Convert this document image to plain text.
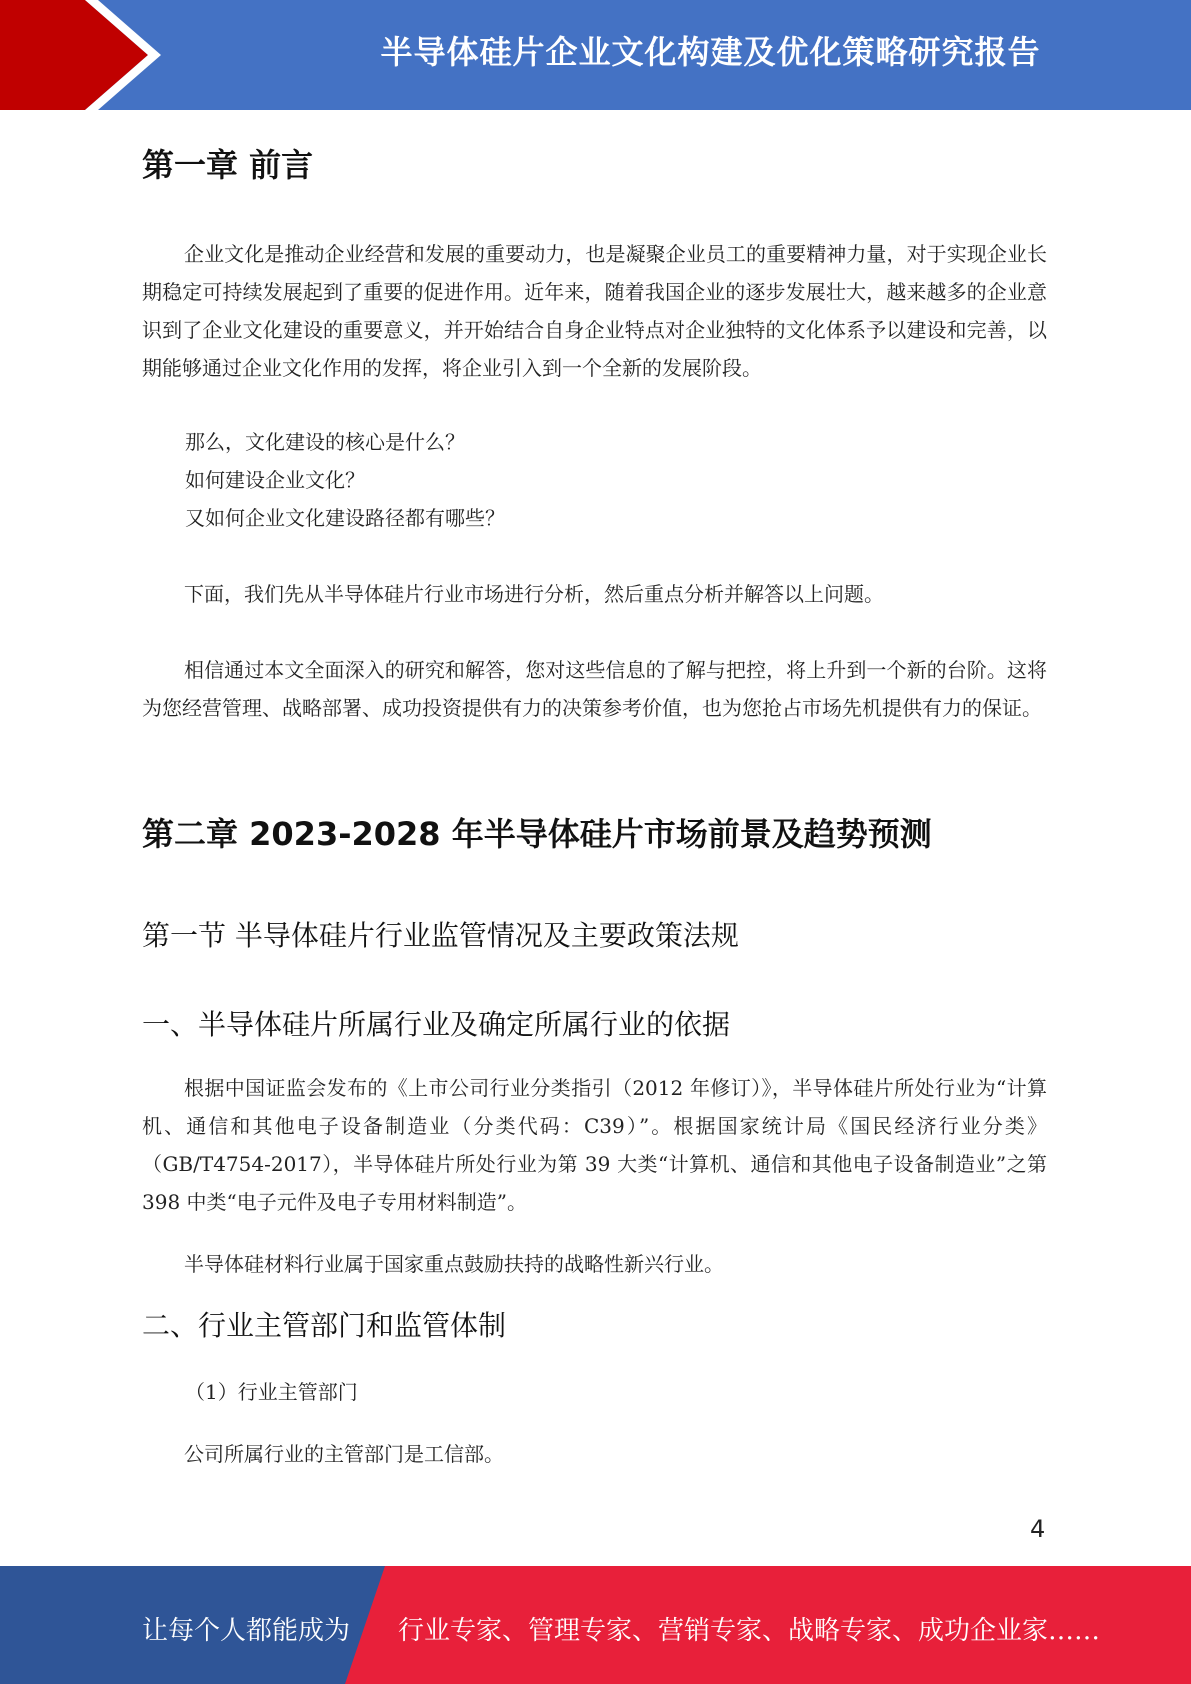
半导体硅片企业文化构建及优化策略研究报告
第一章 前言

企业文化是推动企业经营和发展的重要动力，也是凝聚企业员工的重要精神力量，对于实现企业长期稳定可持续发展起到了重要的促进作用。近年来，随着我国企业的逐步发展壮大，越来越多的企业意识到了企业文化建设的重要意义，并开始结合自身企业特点对企业独特的文化体系予以建设和完善，以期能够通过企业文化作用的发挥，将企业引入到一个全新的发展阶段。

那么，文化建设的核心是什么？
如何建设企业文化？
又如何企业文化建设路径都有哪些？

下面，我们先从半导体硅片行业市场进行分析，然后重点分析并解答以上问题。

相信通过本文全面深入的研究和解答，您对这些信息的了解与把控，将上升到一个新的台阶。这将为您经营管理、战略部署、成功投资提供有力的决策参考价值，也为您抢占市场先机提供有力的保证。

第二章 2023-2028 年半导体硅片市场前景及趋势预测
第一节 半导体硅片行业监管情况及主要政策法规
一、半导体硅片所属行业及确定所属行业的依据

根据中国证监会发布的《上市公司行业分类指引（2012 年修订）》，半导体硅片所处行业为“计算机、通信和其他电子设备制造业（分类代码：C39）”。根据国家统计局《国民经济行业分类》（GB/T4754-2017），半导体硅片所处行业为第 39 大类“计算机、通信和其他电子设备制造业”之第 398 中类“电子元件及电子专用材料制造”。

半导体硅材料行业属于国家重点鼓励扶持的战略性新兴行业。

二、行业主管部门和监管体制
（1）行业主管部门

公司所属行业的主管部门是工信部。

4
让每个人都能成为 行业专家、管理专家、营销专家、战略专家、成功企业家……
